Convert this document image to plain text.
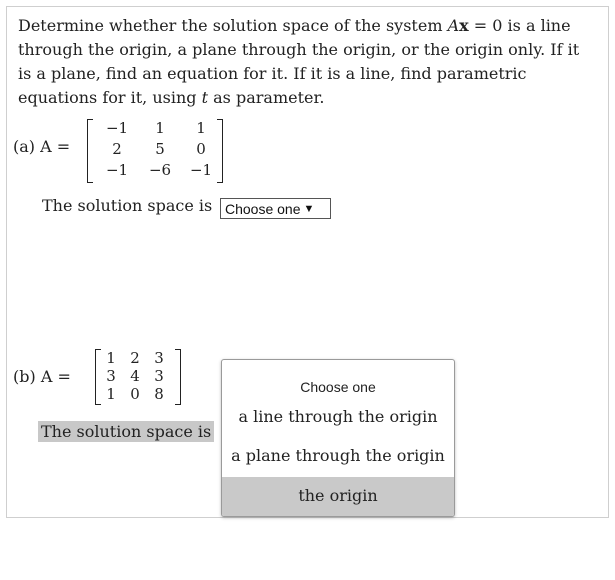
Determine whether the solution space of the system Ax = 0 is a line through the origin, a plane through the origin, or the origin only. If it is a plane, find an equation for it. If it is a line, find parametric equations for it, using t as parameter.
(a) A =
−1	1	1
2	5	0
−1	−6	−1
The solution space is Choose one ▼
(b) A =
1 2 3
3 4 3
1 0 8
The solution space is
Choose one
a line through the origin
a plane through the origin
the origin
